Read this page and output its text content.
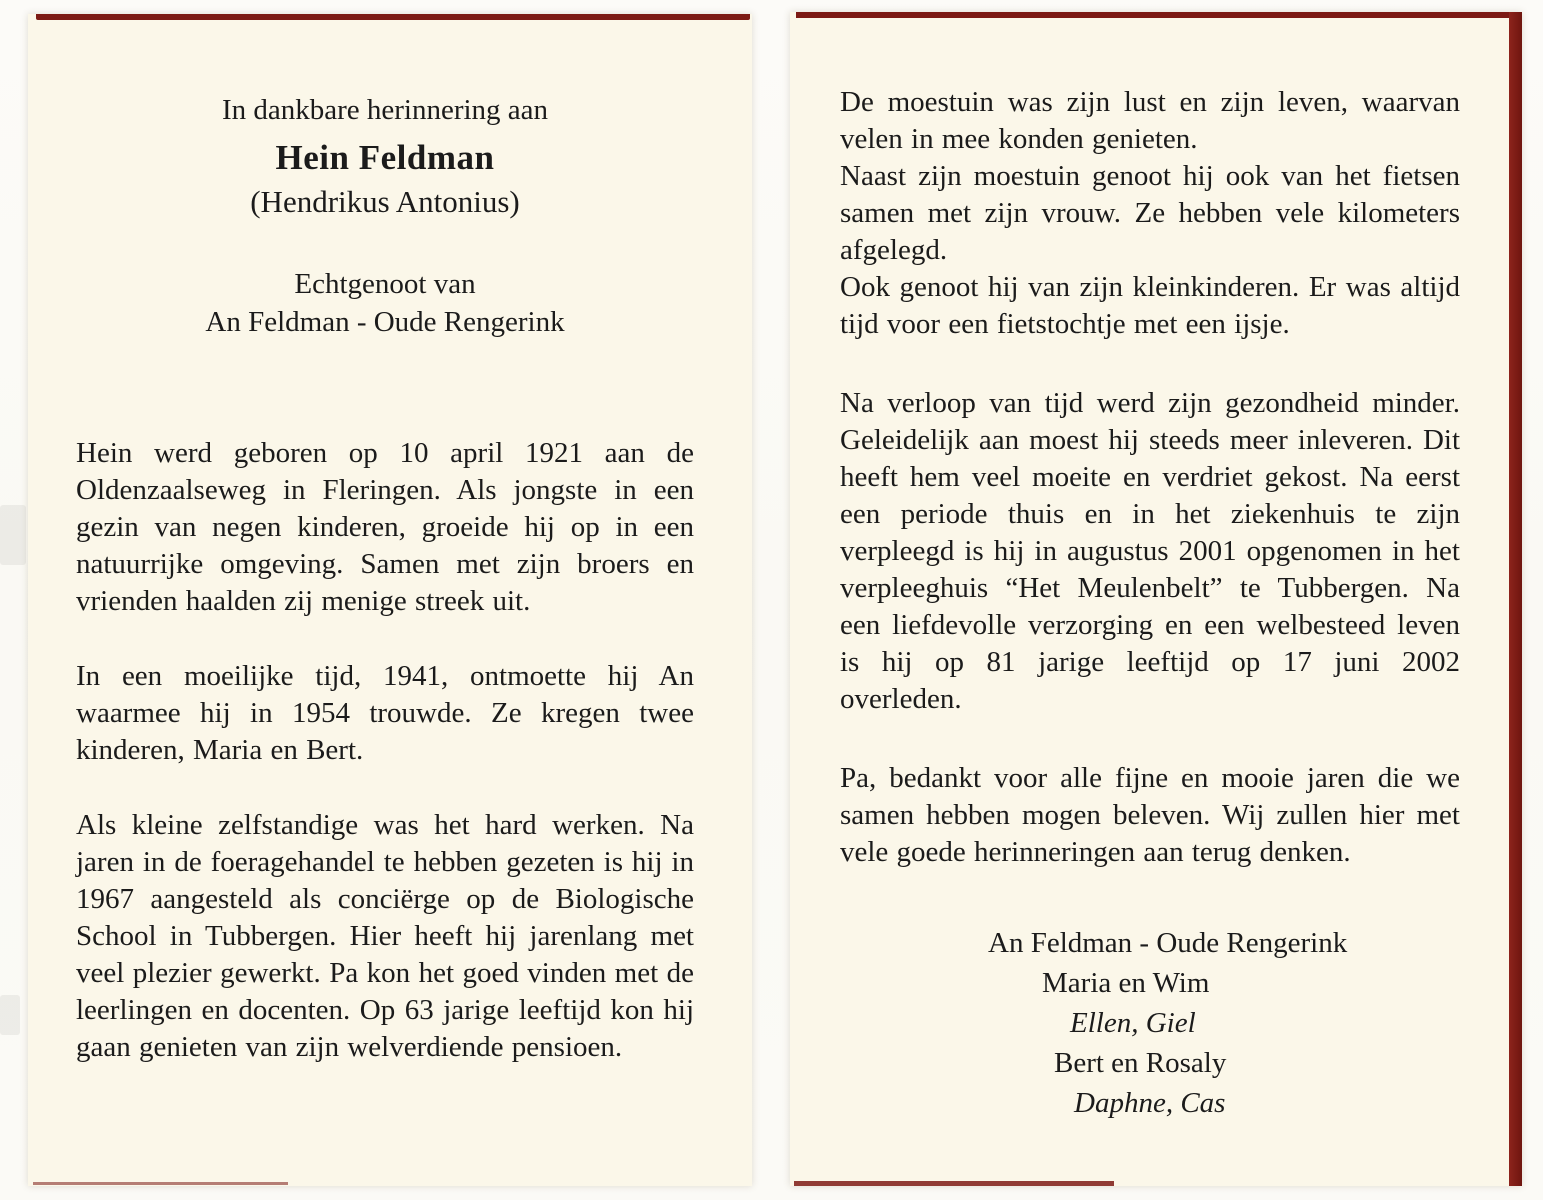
In dankbare herinnering aan

Hein Feldman

(Hendrikus Antonius)

Echtgenoot van

An Feldman - Oude Rengerink

Hein werd geboren op 10 april 1921 aan de Oldenzaalseweg in Fleringen. Als jongste in een gezin van negen kinderen, groeide hij op in een natuurrijke omgeving. Samen met zijn broers en vrienden haalden zij menige streek uit.

In een moeilijke tijd, 1941, ontmoette hij An waarmee hij in 1954 trouwde. Ze kregen twee kinderen, Maria en Bert.

Als kleine zelfstandige was het hard werken. Na jaren in de foeragehandel te hebben gezeten is hij in 1967 aangesteld als conciërge op de Biologische School in Tubbergen. Hier heeft hij jarenlang met veel plezier gewerkt. Pa kon het goed vinden met de leerlingen en docenten. Op 63 jarige leeftijd kon hij gaan genieten van zijn welverdiende pensioen.

De moestuin was zijn lust en zijn leven, waarvan velen in mee konden genieten.

Naast zijn moestuin genoot hij ook van het fietsen samen met zijn vrouw. Ze hebben vele kilometers afgelegd.

Ook genoot hij van zijn kleinkinderen. Er was altijd tijd voor een fietstochtje met een ijsje.

Na verloop van tijd werd zijn gezondheid minder. Geleidelijk aan moest hij steeds meer inleveren. Dit heeft hem veel moeite en verdriet gekost. Na eerst een periode thuis en in het ziekenhuis te zijn verpleegd is hij in augustus 2001 opgenomen in het verpleeghuis “Het Meulenbelt” te Tubbergen. Na een liefdevolle verzorging en een welbesteed leven is hij op 81 jarige leeftijd op 17 juni 2002 overleden.

Pa, bedankt voor alle fijne en mooie jaren die we samen hebben mogen beleven. Wij zullen hier met vele goede herinneringen aan terug denken.

An Feldman - Oude Rengerink
Maria en Wim
Ellen, Giel
Bert en Rosaly
Daphne, Cas
